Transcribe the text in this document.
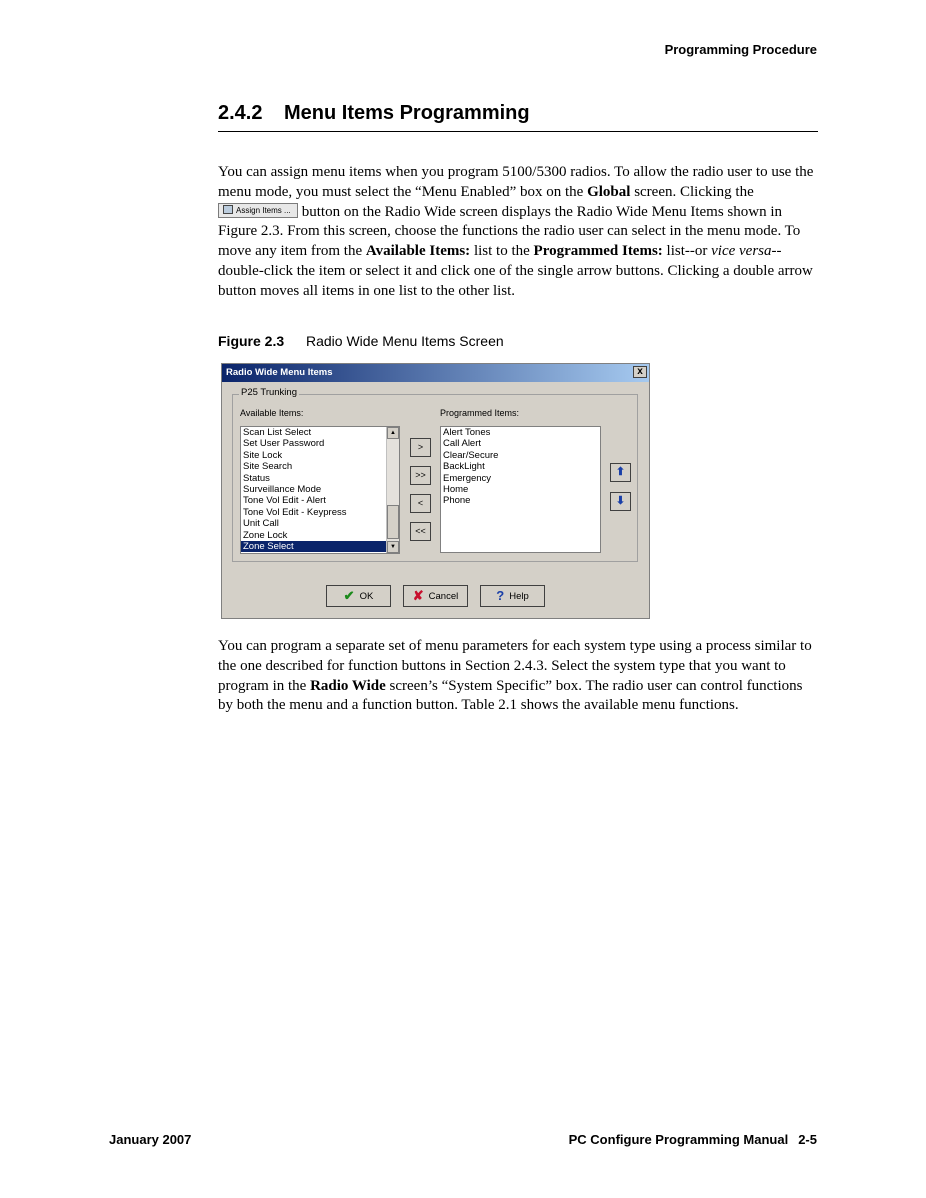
Programming Procedure
2.4.2 Menu Items Programming

You can assign menu items when you program 5100/5300 radios. To allow the radio user to use the menu mode, you must select the “Menu Enabled” box on the Global screen. Clicking the Assign Items ... button on the Radio Wide screen displays the Radio Wide Menu Items shown in Figure 2.3. From this screen, choose the functions the radio user can select in the menu mode. To move any item from the Available Items: list to the Programmed Items: list--or vice versa--double-click the item or select it and click one of the single arrow buttons. Clicking a double arrow button moves all items in one list to the other list.

Figure 2.3 Radio Wide Menu Items Screen
Radio Wide Menu Items	x
P25 Trunking
Available Items:	Programmed Items:
Scan List Select
Set User Password
Site Lock
Site Search
Status
Surveillance Mode
Tone Vol Edit - Alert
Tone Vol Edit - Keypress
Unit Call
Zone Lock
Zone Select
▲
▼
>
>>
<
<<
Alert Tones
Call Alert
Clear/Secure
BackLight
Emergency
Home
Phone
⬆
⬇
✔ OK	✘ Cancel	? Help

You can program a separate set of menu parameters for each system type using a process similar to the one described for function buttons in Section 2.4.3. Select the system type that you want to program in the Radio Wide screen’s “System Specific” box. The radio user can control functions by both the menu and a function button. Table 2.1 shows the available menu functions.

January 2007	PC Configure Programming Manual 2-5
